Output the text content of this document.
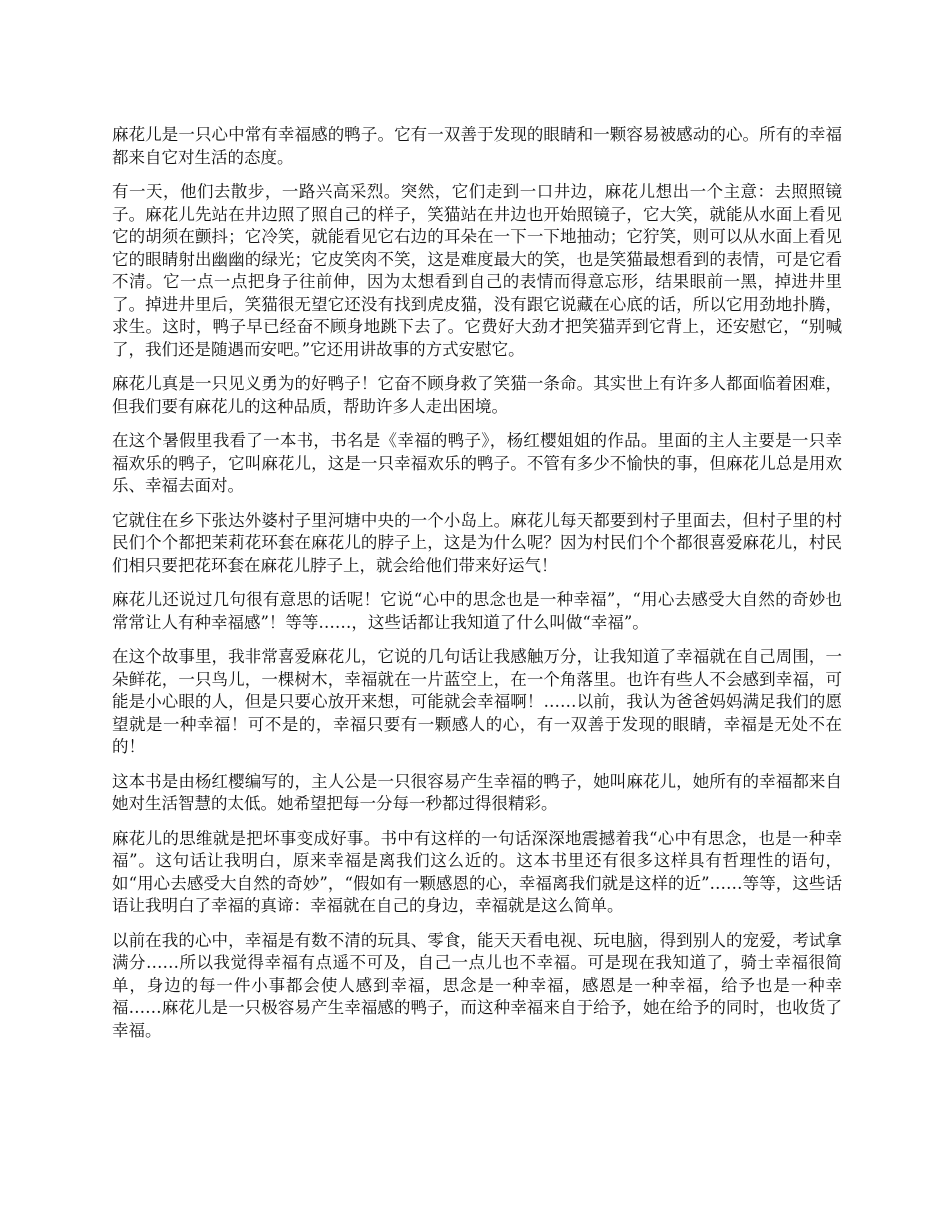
麻花儿是一只心中常有幸福感的鸭子。它有一双善于发现的眼睛和一颗容易被感动的心。所有的幸福都来自它对生活的态度。

有一天，他们去散步，一路兴高采烈。突然，它们走到一口井边，麻花儿想出一个主意：去照照镜子。麻花儿先站在井边照了照自己的样子，笑猫站在井边也开始照镜子，它大笑，就能从水面上看见它的胡须在颤抖；它冷笑，就能看见它右边的耳朵在一下一下地抽动；它狞笑，则可以从水面上看见它的眼睛射出幽幽的绿光；它皮笑肉不笑，这是难度最大的笑，也是笑猫最想看到的表情，可是它看不清。它一点一点把身子往前伸，因为太想看到自己的表情而得意忘形，结果眼前一黑，掉进井里了。掉进井里后，笑猫很无望它还没有找到虎皮猫，没有跟它说藏在心底的话，所以它用劲地扑腾，求生。这时，鸭子早已经奋不顾身地跳下去了。它费好大劲才把笑猫弄到它背上，还安慰它，“别喊了，我们还是随遇而安吧。”它还用讲故事的方式安慰它。

麻花儿真是一只见义勇为的好鸭子！它奋不顾身救了笑猫一条命。其实世上有许多人都面临着困难，但我们要有麻花儿的这种品质，帮助许多人走出困境。

在这个暑假里我看了一本书，书名是《幸福的鸭子》，杨红樱姐姐的作品。里面的主人主要是一只幸福欢乐的鸭子，它叫麻花儿，这是一只幸福欢乐的鸭子。不管有多少不愉快的事，但麻花儿总是用欢乐、幸福去面对。

它就住在乡下张达外婆村子里河塘中央的一个小岛上。麻花儿每天都要到村子里面去，但村子里的村民们个个都把茉莉花环套在麻花儿的脖子上，这是为什么呢？因为村民们个个都很喜爱麻花儿，村民们相只要把花环套在麻花儿脖子上，就会给他们带来好运气！

麻花儿还说过几句很有意思的话呢！它说“心中的思念也是一种幸福”，“用心去感受大自然的奇妙也常常让人有种幸福感”！等等……，这些话都让我知道了什么叫做“幸福”。

在这个故事里，我非常喜爱麻花儿，它说的几句话让我感触万分，让我知道了幸福就在自己周围，一朵鲜花，一只鸟儿，一棵树木，幸福就在一片蓝空上，在一个角落里。也许有些人不会感到幸福，可能是小心眼的人，但是只要心放开来想，可能就会幸福啊！……以前，我认为爸爸妈妈满足我们的愿望就是一种幸福！可不是的，幸福只要有一颗感人的心，有一双善于发现的眼睛，幸福是无处不在的！

这本书是由杨红樱编写的，主人公是一只很容易产生幸福的鸭子，她叫麻花儿，她所有的幸福都来自她对生活智慧的太低。她希望把每一分每一秒都过得很精彩。

麻花儿的思维就是把坏事变成好事。书中有这样的一句话深深地震撼着我“心中有思念，也是一种幸福”。这句话让我明白，原来幸福是离我们这么近的。这本书里还有很多这样具有哲理性的语句，如“用心去感受大自然的奇妙”，“假如有一颗感恩的心，幸福离我们就是这样的近”……等等，这些话语让我明白了幸福的真谛：幸福就在自己的身边，幸福就是这么简单。

以前在我的心中，幸福是有数不清的玩具、零食，能天天看电视、玩电脑，得到别人的宠爱，考试拿满分……所以我觉得幸福有点遥不可及，自己一点儿也不幸福。可是现在我知道了，骑士幸福很简单，身边的每一件小事都会使人感到幸福，思念是一种幸福，感恩是一种幸福，给予也是一种幸福……麻花儿是一只极容易产生幸福感的鸭子，而这种幸福来自于给予，她在给予的同时，也收货了幸福。
